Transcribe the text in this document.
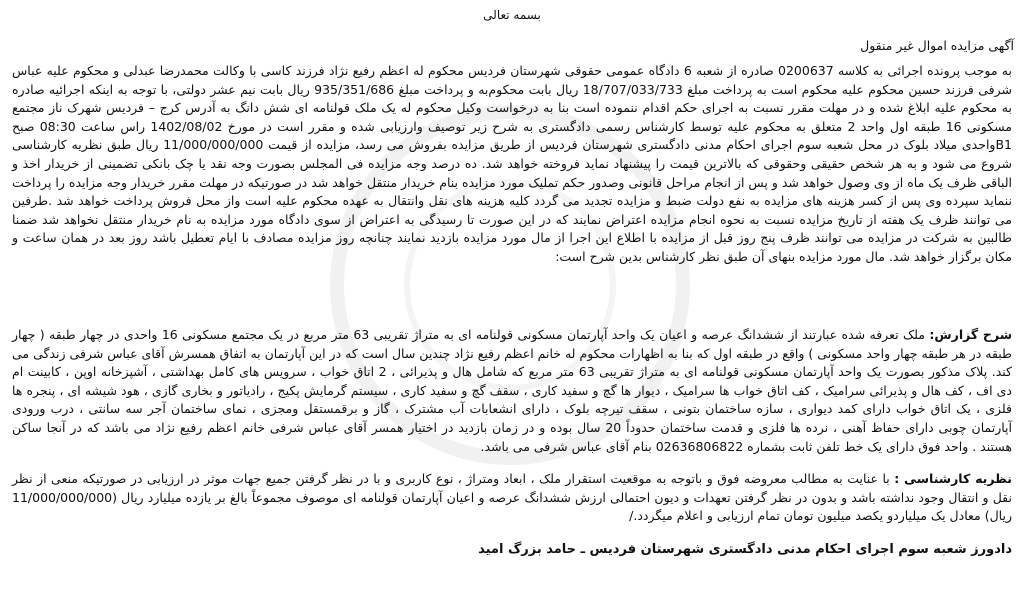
بسمه تعالی
آگهی مزایده اموال غیر منقول

به موجب پرونده اجرائی به کلاسه 0200637 صادره از شعبه 6 دادگاه عمومی حقوقی شهرستان فردیس محکوم له اعظم رفیع نژاد فرزند کاسی با وکالت محمدرضا عبدلی و محکوم علیه عباس شرفی فرزند حسین محکوم علیه محکوم است به پرداخت مبلغ 18/707/033/733 ریال بابت محکوم‌به و پرداخت مبلغ 935/351/686 ریال بابت نیم عشر دولتی، با توجه به اینکه اجرائیه صادره به محکوم علیه ابلاغ شده و در مهلت مقرر نسبت به اجرای حکم اقدام ننموده است بنا به درخواست وکیل محکوم له یک ملک قولنامه ای شش دانگ به آدرس کرج – فردیس شهرک ناز مجتمع مسکونی 16 طبقه اول واحد 2 متعلق به محکوم علیه توسط کارشناس رسمی دادگستری به شرح زیر توصیف وارزیابی شده و مقرر است در مورخ 1402/08/02 راس ساعت 08:30 صبح B1واحدی میلاد بلوک در محل شعبه سوم اجرای احکام مدنی دادگستری شهرستان فردیس از طریق مزایده بفروش می رسد، مزایده از قیمت 11/000/000/000 ریال طبق نظریه کارشناسی شروع می شود و به هر شخص حقیقی وحقوقی که بالاترین قیمت را پیشنهاد نماید فروخته خواهد شد. ده درصد وجه مزایده فی المجلس بصورت وجه نقد یا چک بانکی تضمینی از خریدار اخذ و الباقی ظرف یک ماه از وی وصول خواهد شد و پس از انجام مراحل قانونی وصدور حکم تملیک مورد مزایده بنام خریدار منتقل خواهد شد در صورتیکه در مهلت مقرر خریدار وجه مزایده را پرداخت ننماید سپرده وی پس از کسر هزینه های مزایده به نفع دولت ضبط و مزایده تجدید می گردد کلیه هزینه های نقل وانتقال به عهده محکوم علیه است واز محل فروش پرداخت خواهد شد .طرفین می توانند ظرف یک هفته از تاریخ مزایده نسبت به نحوه انجام مزایده اعتراض نمایند که در این صورت تا رسیدگی به اعتراض از سوی دادگاه مورد مزایده به نام خریدار منتقل نخواهد شد ضمنا طالبین به شرکت در مزایده می توانند ظرف پنج روز قبل از مزایده با اطلاع این اجرا از مال مورد مزایده بازدید نمایند چنانچه روز مزایده مصادف با ایام تعطیل باشد روز بعد در همان ساعت و مکان برگزار خواهد شد. مال مورد مزایده بنهای آن طبق نظر کارشناس بدین شرح است:

شرح گزارش: ملک تعرفه شده عبارتند از ششدانگ عرصه و اعیان یک واحد آپارتمان مسکونی قولنامه ای به متراژ تقریبی 63 متر مربع در یک مجتمع مسکونی 16 واحدی در چهار طبقه ( چهار طبقه در هر طبقه چهار واحد مسکونی ) واقع در طبقه اول که بنا به اظهارات محکوم له خانم اعظم رفیع نژاد چندین سال است که در این آپارتمان به اتفاق همسرش آقای عباس شرفی زندگی می کند. پلاک مذکور بصورت یک واحد آپارتمان مسکونی قولنامه ای به متراژ تقریبی 63 متر مربع که شامل هال و پذیرائی ، 2 اتاق خواب ، سرویس های کامل بهداشتی ، آشپزخانه اوپن ، کابینت ام دی اف ، کف هال و پذیرائی سرامیک ، کف اتاق خواب ها سرامیک ، دیوار ها گچ و سفید کاری ، سقف گچ و سفید کاری ، سیستم گرمایش پکیج ، رادیاتور و بخاری گازی ، هود شیشه ای ، پنجره ها فلزی ، یک اتاق خواب دارای کمد دیواری ، سازه ساختمان بتونی ، سقف تیرچه بلوک ، دارای انشعابات آب مشترک ، گاز و برقمستقل ومجزی ، نمای ساختمان آجر سه سانتی ، درب ورودی آپارتمان چوبی دارای حفاظ آهنی ، نرده ها فلزی و قدمت ساختمان حدوداً 20 سال بوده و در زمان بازدید در اختیار همسر آقای عباس شرفی خانم اعظم رفیع نژاد می باشد که در آنجا ساکن هستند . واحد فوق دارای یک خط تلفن ثابت بشماره 02636806822 بنام آقای عباس شرفی می باشد.

نظریه کارشناسی : با عنایت به مطالب معروضه فوق و باتوجه به موقعیت استقرار ملک ، ابعاد ومتراژ ، نوع کاربری و با در نظر گرفتن جمیع جهات موثر در ارزیابی در صورتیکه منعی از نظر نقل و انتقال وجود نداشته باشد و بدون در نظر گرفتن تعهدات و دیون احتمالی ارزش ششدانگ عرصه و اعیان آپارتمان قولنامه ای موصوف مجموعاً بالغ بر یازده میلیارد ریال (11/000/000/000 ریال) معادل یک میلیاردو یکصد میلیون تومان تمام ارزیابی و اعلام میگردد./

دادورز شعبه سوم اجرای احکام مدنی دادگستری شهرستان فردیس ـ حامد بزرگ امید
